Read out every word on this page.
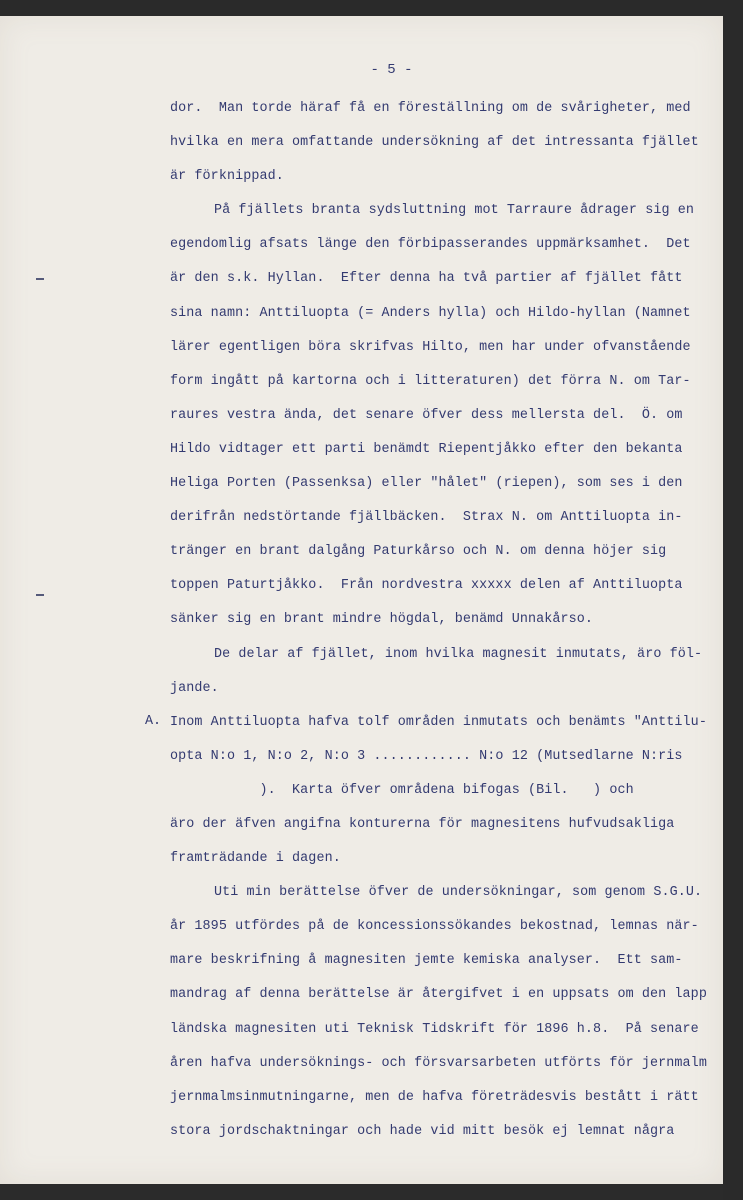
- 5 -
A.
dor.  Man torde häraf få en föreställning om de svårigheter, med
hvilka en mera omfattande undersökning af det intressanta fjället
är förknippad.
På fjällets branta sydsluttning mot Tarraure ådrager sig en
egendomlig afsats länge den förbipasserandes uppmärksamhet.  Det
är den s.k. Hyllan.  Efter denna ha två partier af fjället fått
sina namn: Anttiluopta (= Anders hylla) och Hildo-hyllan (Namnet
lärer egentligen böra skrifvas Hilto, men har under ofvanstående
form ingått på kartorna och i litteraturen) det förra N. om Tar-
raures vestra ända, det senare öfver dess mellersta del.  Ö. om
Hildo vidtager ett parti benämdt Riepentjåkko efter den bekanta
Heliga Porten (Passenksa) eller "hålet" (riepen), som ses i den
derifrån nedstörtande fjällbäcken.  Strax N. om Anttiluopta in-
tränger en brant dalgång Paturkårso och N. om denna höjer sig
toppen Paturtjåkko.  Från nordvestra xxxxx delen af Anttiluopta
sänker sig en brant mindre högdal, benämd Unnakårso.
De delar af fjället, inom hvilka magnesit inmutats, äro föl-
jande.
Inom Anttiluopta hafva tolf områden inmutats och benämts "Anttilu-
opta N:o 1, N:o 2, N:o 3 ............ N:o 12 (Mutsedlarne N:ris
).  Karta öfver områdena bifogas (Bil.   ) och
äro der äfven angifna konturerna för magnesitens hufvudsakliga
framträdande i dagen.
Uti min berättelse öfver de undersökningar, som genom S.G.U.
år 1895 utfördes på de koncessionssökandes bekostnad, lemnas när-
mare beskrifning å magnesiten jemte kemiska analyser.  Ett sam-
mandrag af denna berättelse är återgifvet i en uppsats om den lapp
ländska magnesiten uti Teknisk Tidskrift för 1896 h.8.  På senare
åren hafva undersöknings- och försvarsarbeten utförts för jernmalm
jernmalmsinmutningarne, men de hafva företrädesvis bestått i rätt
stora jordschaktningar och hade vid mitt besök ej lemnat några
